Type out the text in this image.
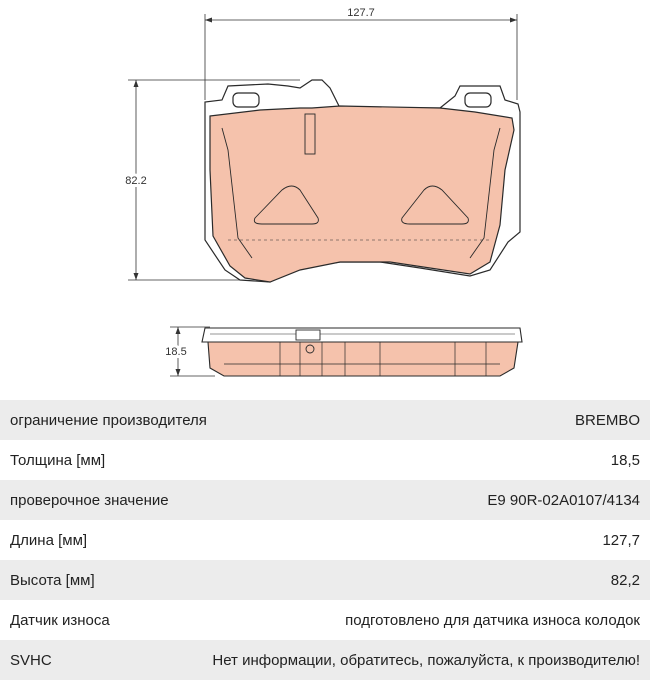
127.7
82.2
18.5
ограничение производителя	BREMBO
Толщина [мм]	18,5
проверочное значение	E9 90R-02A0107/4134
Длина [мм]	127,7
Высота [мм]	82,2
Датчик износа	подготовлено для датчика износа колодок
SVHC	Нет информации, обратитесь, пожалуйста, к производителю!
